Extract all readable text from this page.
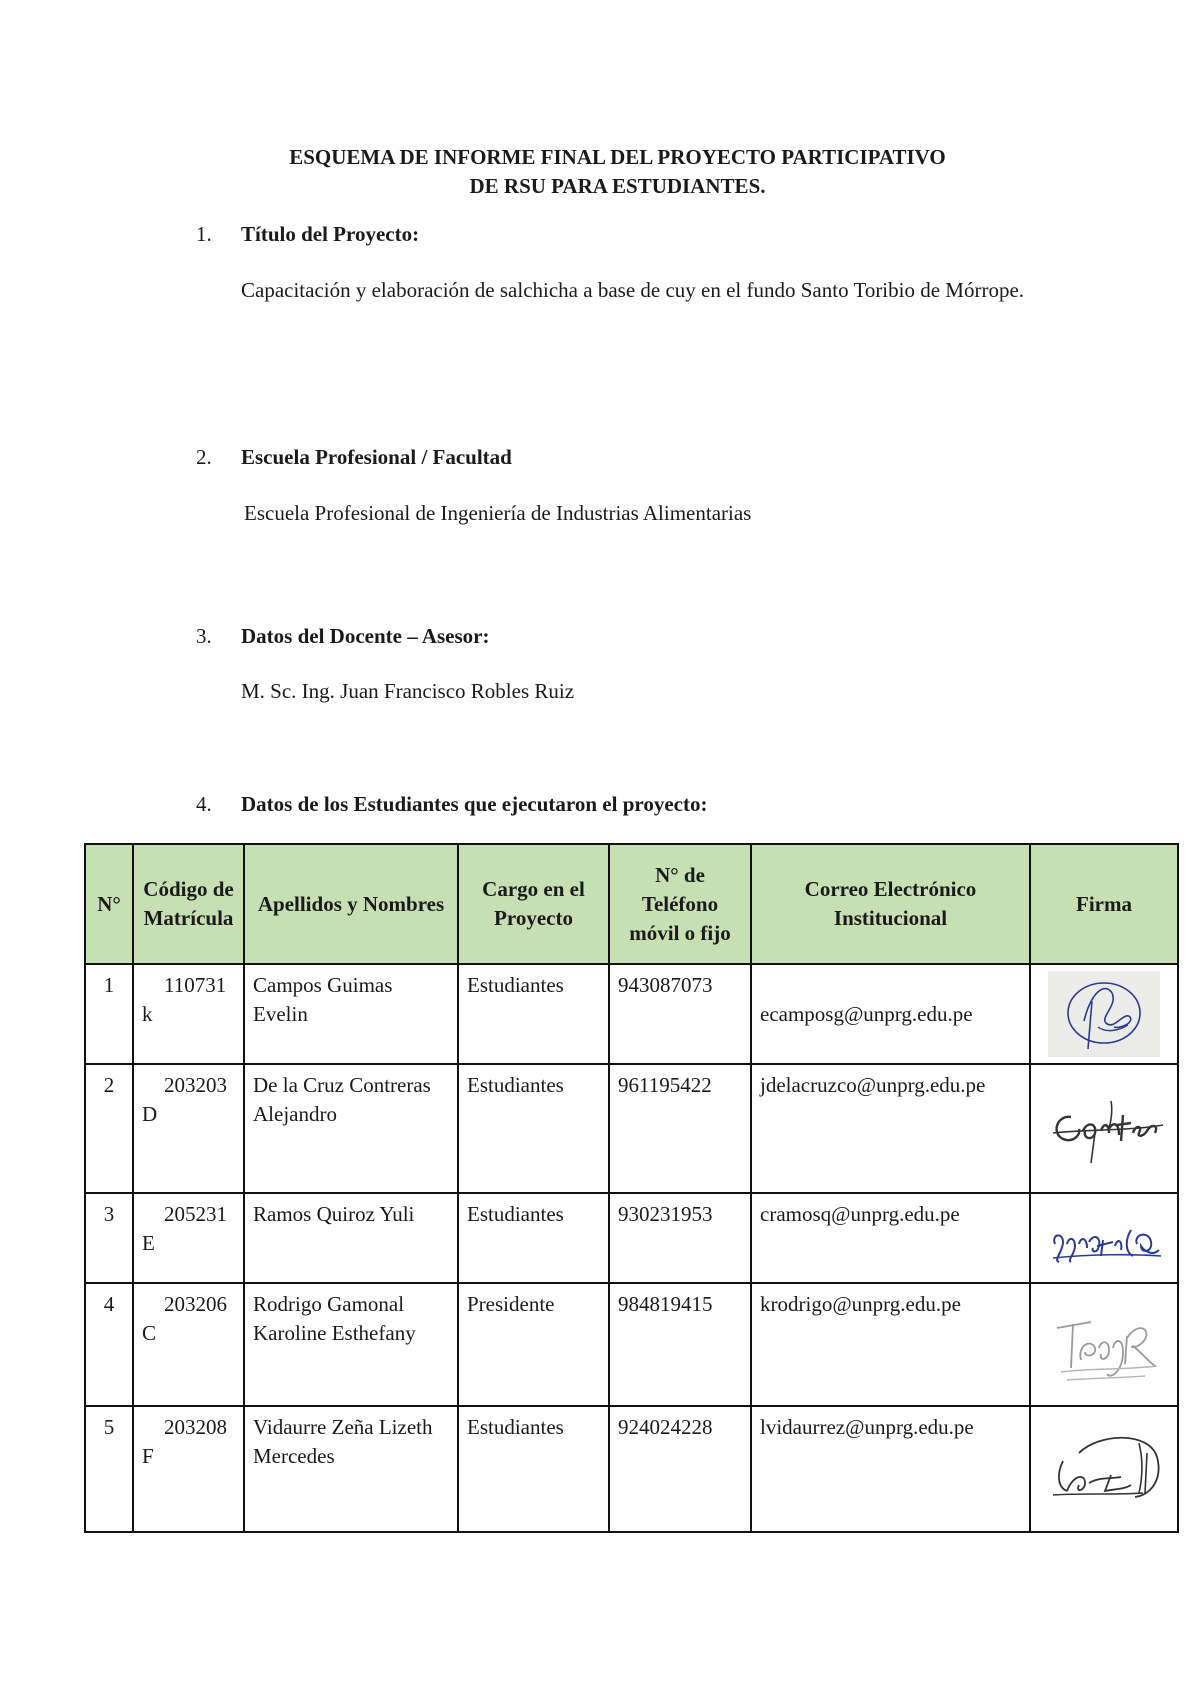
ESQUEMA DE INFORME FINAL DEL PROYECTO PARTICIPATIVO
DE RSU PARA ESTUDIANTES.
1. Título del Proyecto:
Capacitación y elaboración de salchicha a base de cuy en el fundo Santo Toribio de Mórrope.
2. Escuela Profesional / Facultad
Escuela Profesional de Ingeniería de Industrias Alimentarias
3. Datos del Docente – Asesor:
M. Sc. Ing. Juan Francisco Robles Ruiz
4. Datos de los Estudiantes que ejecutaron el proyecto:
N°	Código de Matrícula	Apellidos y Nombres	Cargo en el Proyecto	N° de Teléfono móvil o fijo	Correo Electrónico Institucional	Firma
1	110731k	Campos Guimas Evelin	Estudiantes	943087073	ecamposg@unprg.edu.pe	

2	203203D	De la Cruz Contreras Alejandro	Estudiantes	961195422	jdelacruzco@unprg.edu.pe	

3	205231E	Ramos Quiroz Yuli	Estudiantes	930231953	cramosq@unprg.edu.pe	

4	203206C	Rodrigo Gamonal Karoline Esthefany	Presidente	984819415	krodrigo@unprg.edu.pe	

5	203208F	Vidaurre Zeña Lizeth Mercedes	Estudiantes	924024228	lvidaurrez@unprg.edu.pe	
